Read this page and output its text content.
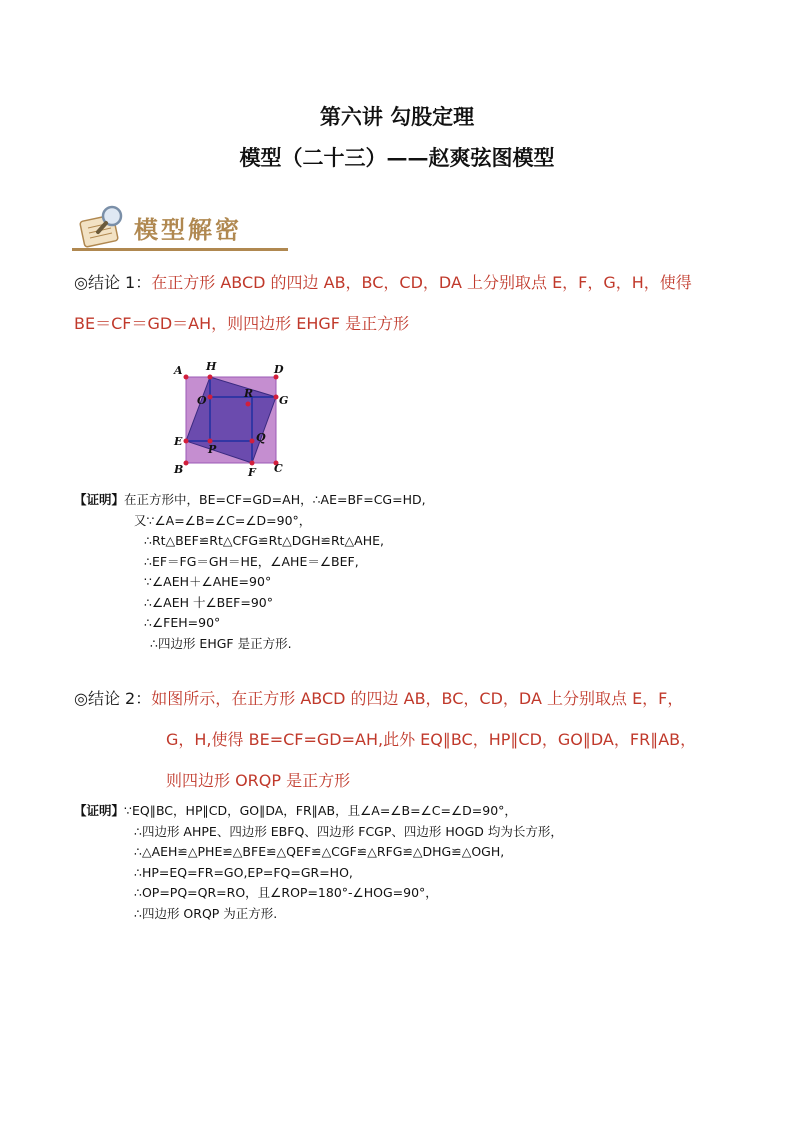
第六讲 勾股定理
模型（二十三）——赵爽弦图模型
模型解密
◎结论 1：在正方形 ABCD 的四边 AB，BC，CD，DA 上分别取点 E，F，G，H，使得
BE＝CF＝GD＝AH，则四边形 EHGF 是正方形
A H	D
O
R
G
E	Q
P
B	F C
【证明】在正方形中，BE=CF=GD=AH，∴AE=BF=CG=HD,
又∵∠A=∠B=∠C=∠D=90°，
∴Rt△BEF≌Rt△CFG≌Rt△DGH≌Rt△AHE,
∴EF＝FG＝GH＝HE，∠AHE＝∠BEF,
∵∠AEH＋∠AHE=90°
∴∠AEH 十∠BEF=90°
∴∠FEH=90°
∴四边形 EHGF 是正方形.
◎结论 2：如图所示，在正方形 ABCD 的四边 AB，BC，CD，DA 上分别取点 E，F，
G，H,使得 BE=CF=GD=AH,此外 EQ∥BC，HP∥CD，GO∥DA，FR∥AB，
则四边形 ORQP 是正方形
【证明】∵EQ∥BC，HP∥CD，GO∥DA，FR∥AB，且∠A=∠B=∠C=∠D=90°，
∴四边形 AHPE、四边形 EBFQ、四边形 FCGP、四边形 HOGD 均为长方形，
∴△AEH≌△PHE≌△BFE≌△QEF≌△CGF≌△RFG≌△DHG≌△OGH,
∴HP=EQ=FR=GO,EP=FQ=GR=HO,
∴OP=PQ=QR=RO，且∠ROP=180°-∠HOG=90°，
∴四边形 ORQP 为正方形.
